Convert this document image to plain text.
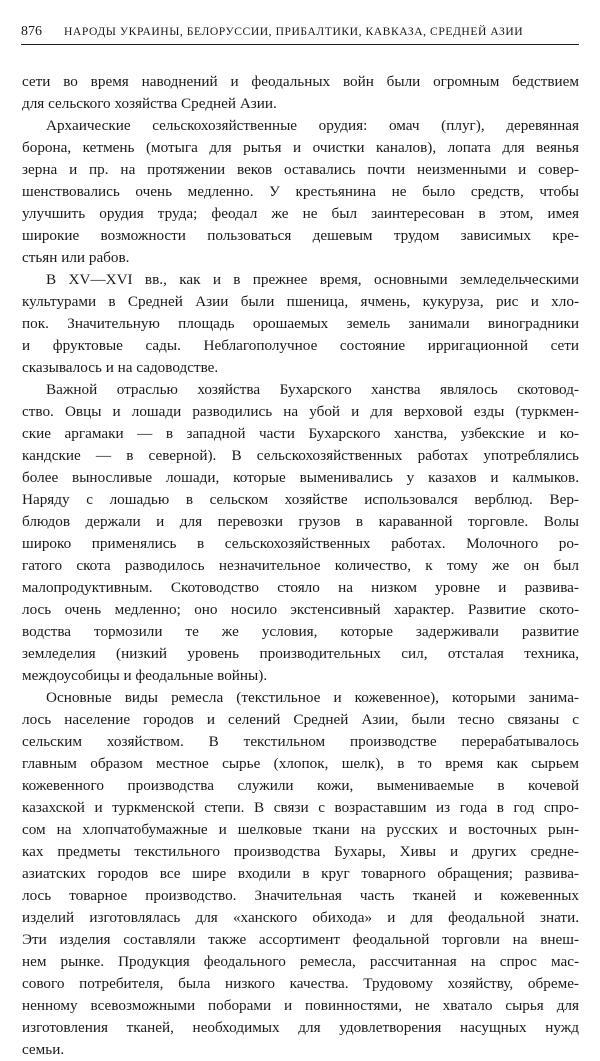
876 НАРОДЫ УКРАИНЫ, БЕЛОРУССИИ, ПРИБАЛТИКИ, КАВКАЗА, СРЕДНЕЙ АЗИИ
сети во время наводнений и феодальных войн были огромным бедствием
для сельского хозяйства Средней Азии.
Архаические сельскохозяйственные орудия: омач (плуг), деревянная
борона, кетмень (мотыга для рытья и очистки каналов), лопата для веянья
зерна и пр. на протяжении веков оставались почти неизменными и совер-
шенствовались очень медленно. У крестьянина не было средств, чтобы
улучшить орудия труда; феодал же не был заинтересован в этом, имея
широкие возможности пользоваться дешевым трудом зависимых кре-
стьян или рабов.
В XV—XVI вв., как и в прежнее время, основными земледельческими
культурами в Средней Азии были пшеница, ячмень, кукуруза, рис и хло-
пок. Значительную площадь орошаемых земель занимали виноградники
и фруктовые сады. Неблагополучное состояние ирригационной сети
сказывалось и на садоводстве.
Важной отраслью хозяйства Бухарского ханства являлось скотовод-
ство. Овцы и лошади разводились на убой и для верховой езды (туркмен-
ские аргамаки — в западной части Бухарского ханства, узбекские и ко-
кандские — в северной). В сельскохозяйственных работах употреблялись
более выносливые лошади, которые выменивались у казахов и калмыков.
Наряду с лошадью в сельском хозяйстве использовался верблюд. Вер-
блюдов держали и для перевозки грузов в караванной торговле. Волы
широко применялись в сельскохозяйственных работах. Молочного ро-
гатого скота разводилось незначительное количество, к тому же он был
малопродуктивным. Скотоводство стояло на низком уровне и развива-
лось очень медленно; оно носило экстенсивный характер. Развитие ското-
водства тормозили те же условия, которые задерживали развитие
земледелия (низкий уровень производительных сил, отсталая техника,
междоусобицы и феодальные войны).
Основные виды ремесла (текстильное и кожевенное), которыми занима-
лось население городов и селений Средней Азии, были тесно связаны с
сельским хозяйством. В текстильном производстве перерабатывалось
главным образом местное сырье (хлопок, шелк), в то время как сырьем
кожевенного производства служили кожи, вымениваемые в кочевой
казахской и туркменской степи. В связи с возраставшим из года в год спро-
сом на хлопчатобумажные и шелковые ткани на русских и восточных рын-
ках предметы текстильного производства Бухары, Хивы и других средне-
азиатских городов все шире входили в круг товарного обращения; развива-
лось товарное производство. Значительная часть тканей и кожевенных
изделий изготовлялась для «ханского обихода» и для феодальной знати.
Эти изделия составляли также ассортимент феодальной торговли на внеш-
нем рынке. Продукция феодального ремесла, рассчитанная на спрос мас-
сового потребителя, была низкого качества. Трудовому хозяйству, обреме-
ненному всевозможными поборами и повинностями, не хватало сырья для
изготовления тканей, необходимых для удовлетворения насущных нужд
семьи.
